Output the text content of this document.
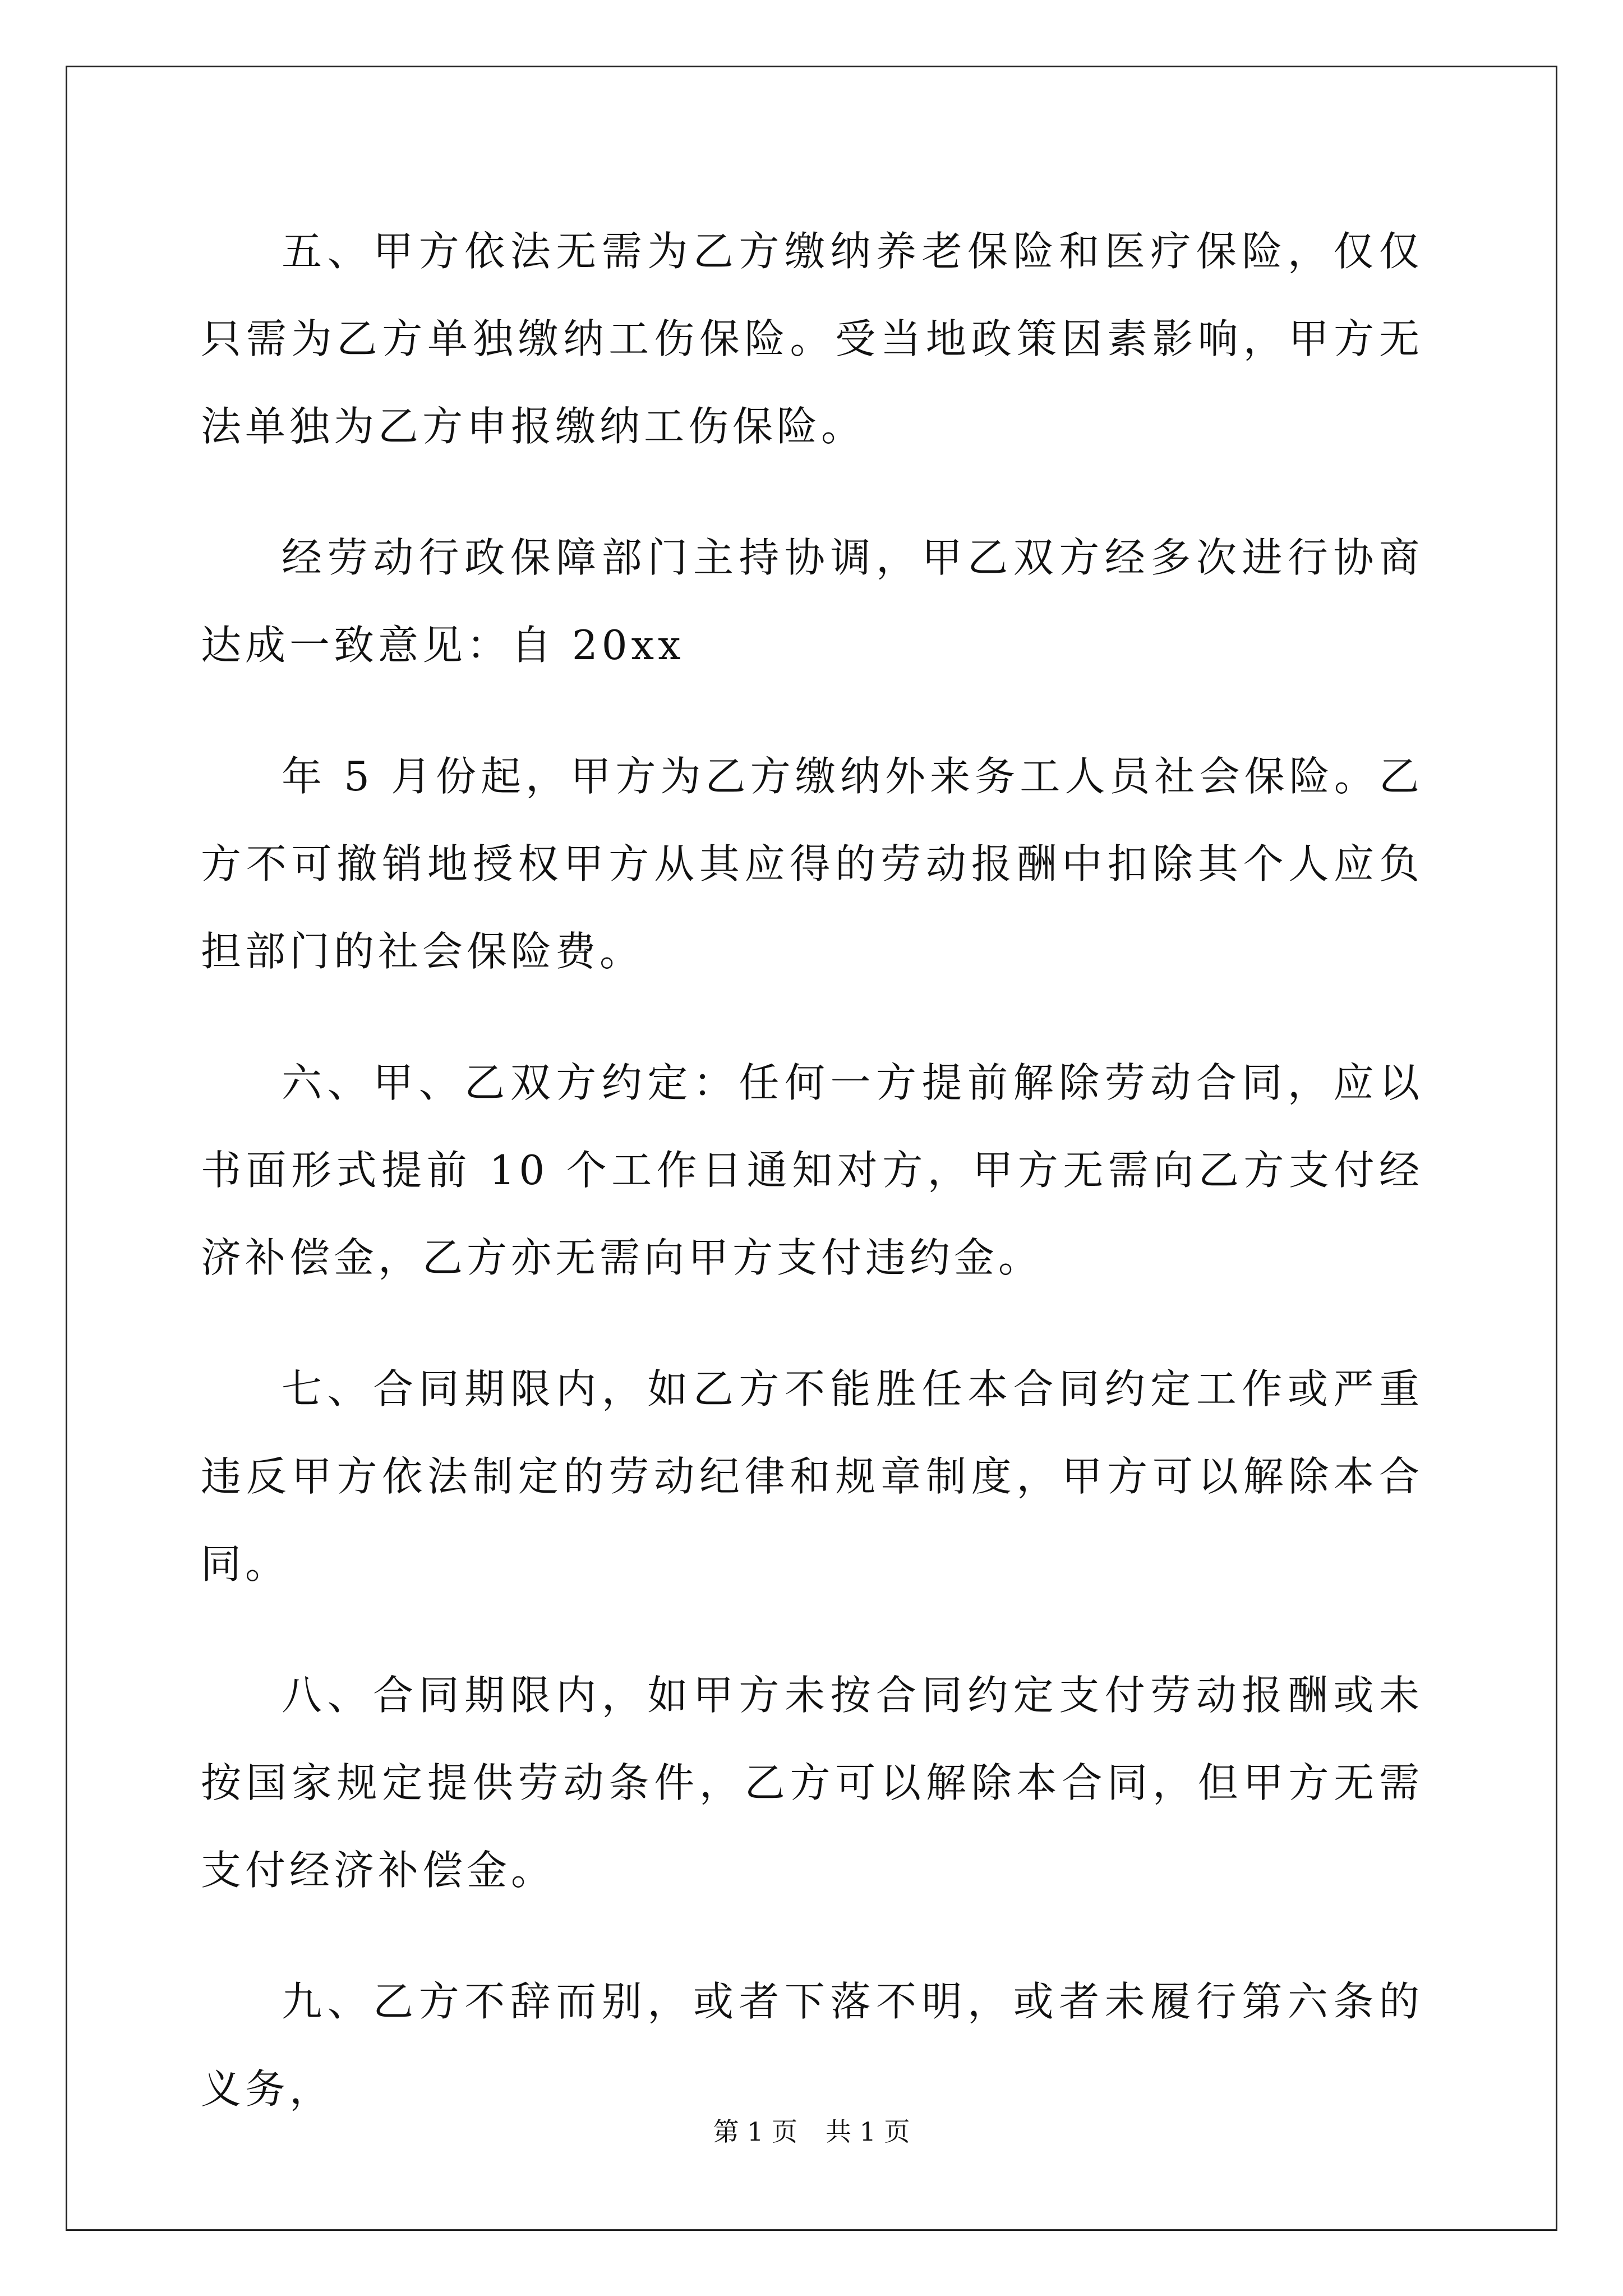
五、甲方依法无需为乙方缴纳养老保险和医疗保险，仅仅只需为乙方单独缴纳工伤保险。受当地政策因素影响，甲方无法单独为乙方申报缴纳工伤保险。

经劳动行政保障部门主持协调，甲乙双方经多次进行协商达成一致意见：自 20xx

年 5 月份起，甲方为乙方缴纳外来务工人员社会保险。乙方不可撤销地授权甲方从其应得的劳动报酬中扣除其个人应负担部门的社会保险费。

六、甲、乙双方约定：任何一方提前解除劳动合同，应以书面形式提前 10 个工作日通知对方，甲方无需向乙方支付经济补偿金，乙方亦无需向甲方支付违约金。

七、合同期限内，如乙方不能胜任本合同约定工作或严重违反甲方依法制定的劳动纪律和规章制度，甲方可以解除本合同。

八、合同期限内，如甲方未按合同约定支付劳动报酬或未按国家规定提供劳动条件，乙方可以解除本合同，但甲方无需支付经济补偿金。

九、乙方不辞而别，或者下落不明，或者未履行第六条的义务，

第 1 页 共 1 页
